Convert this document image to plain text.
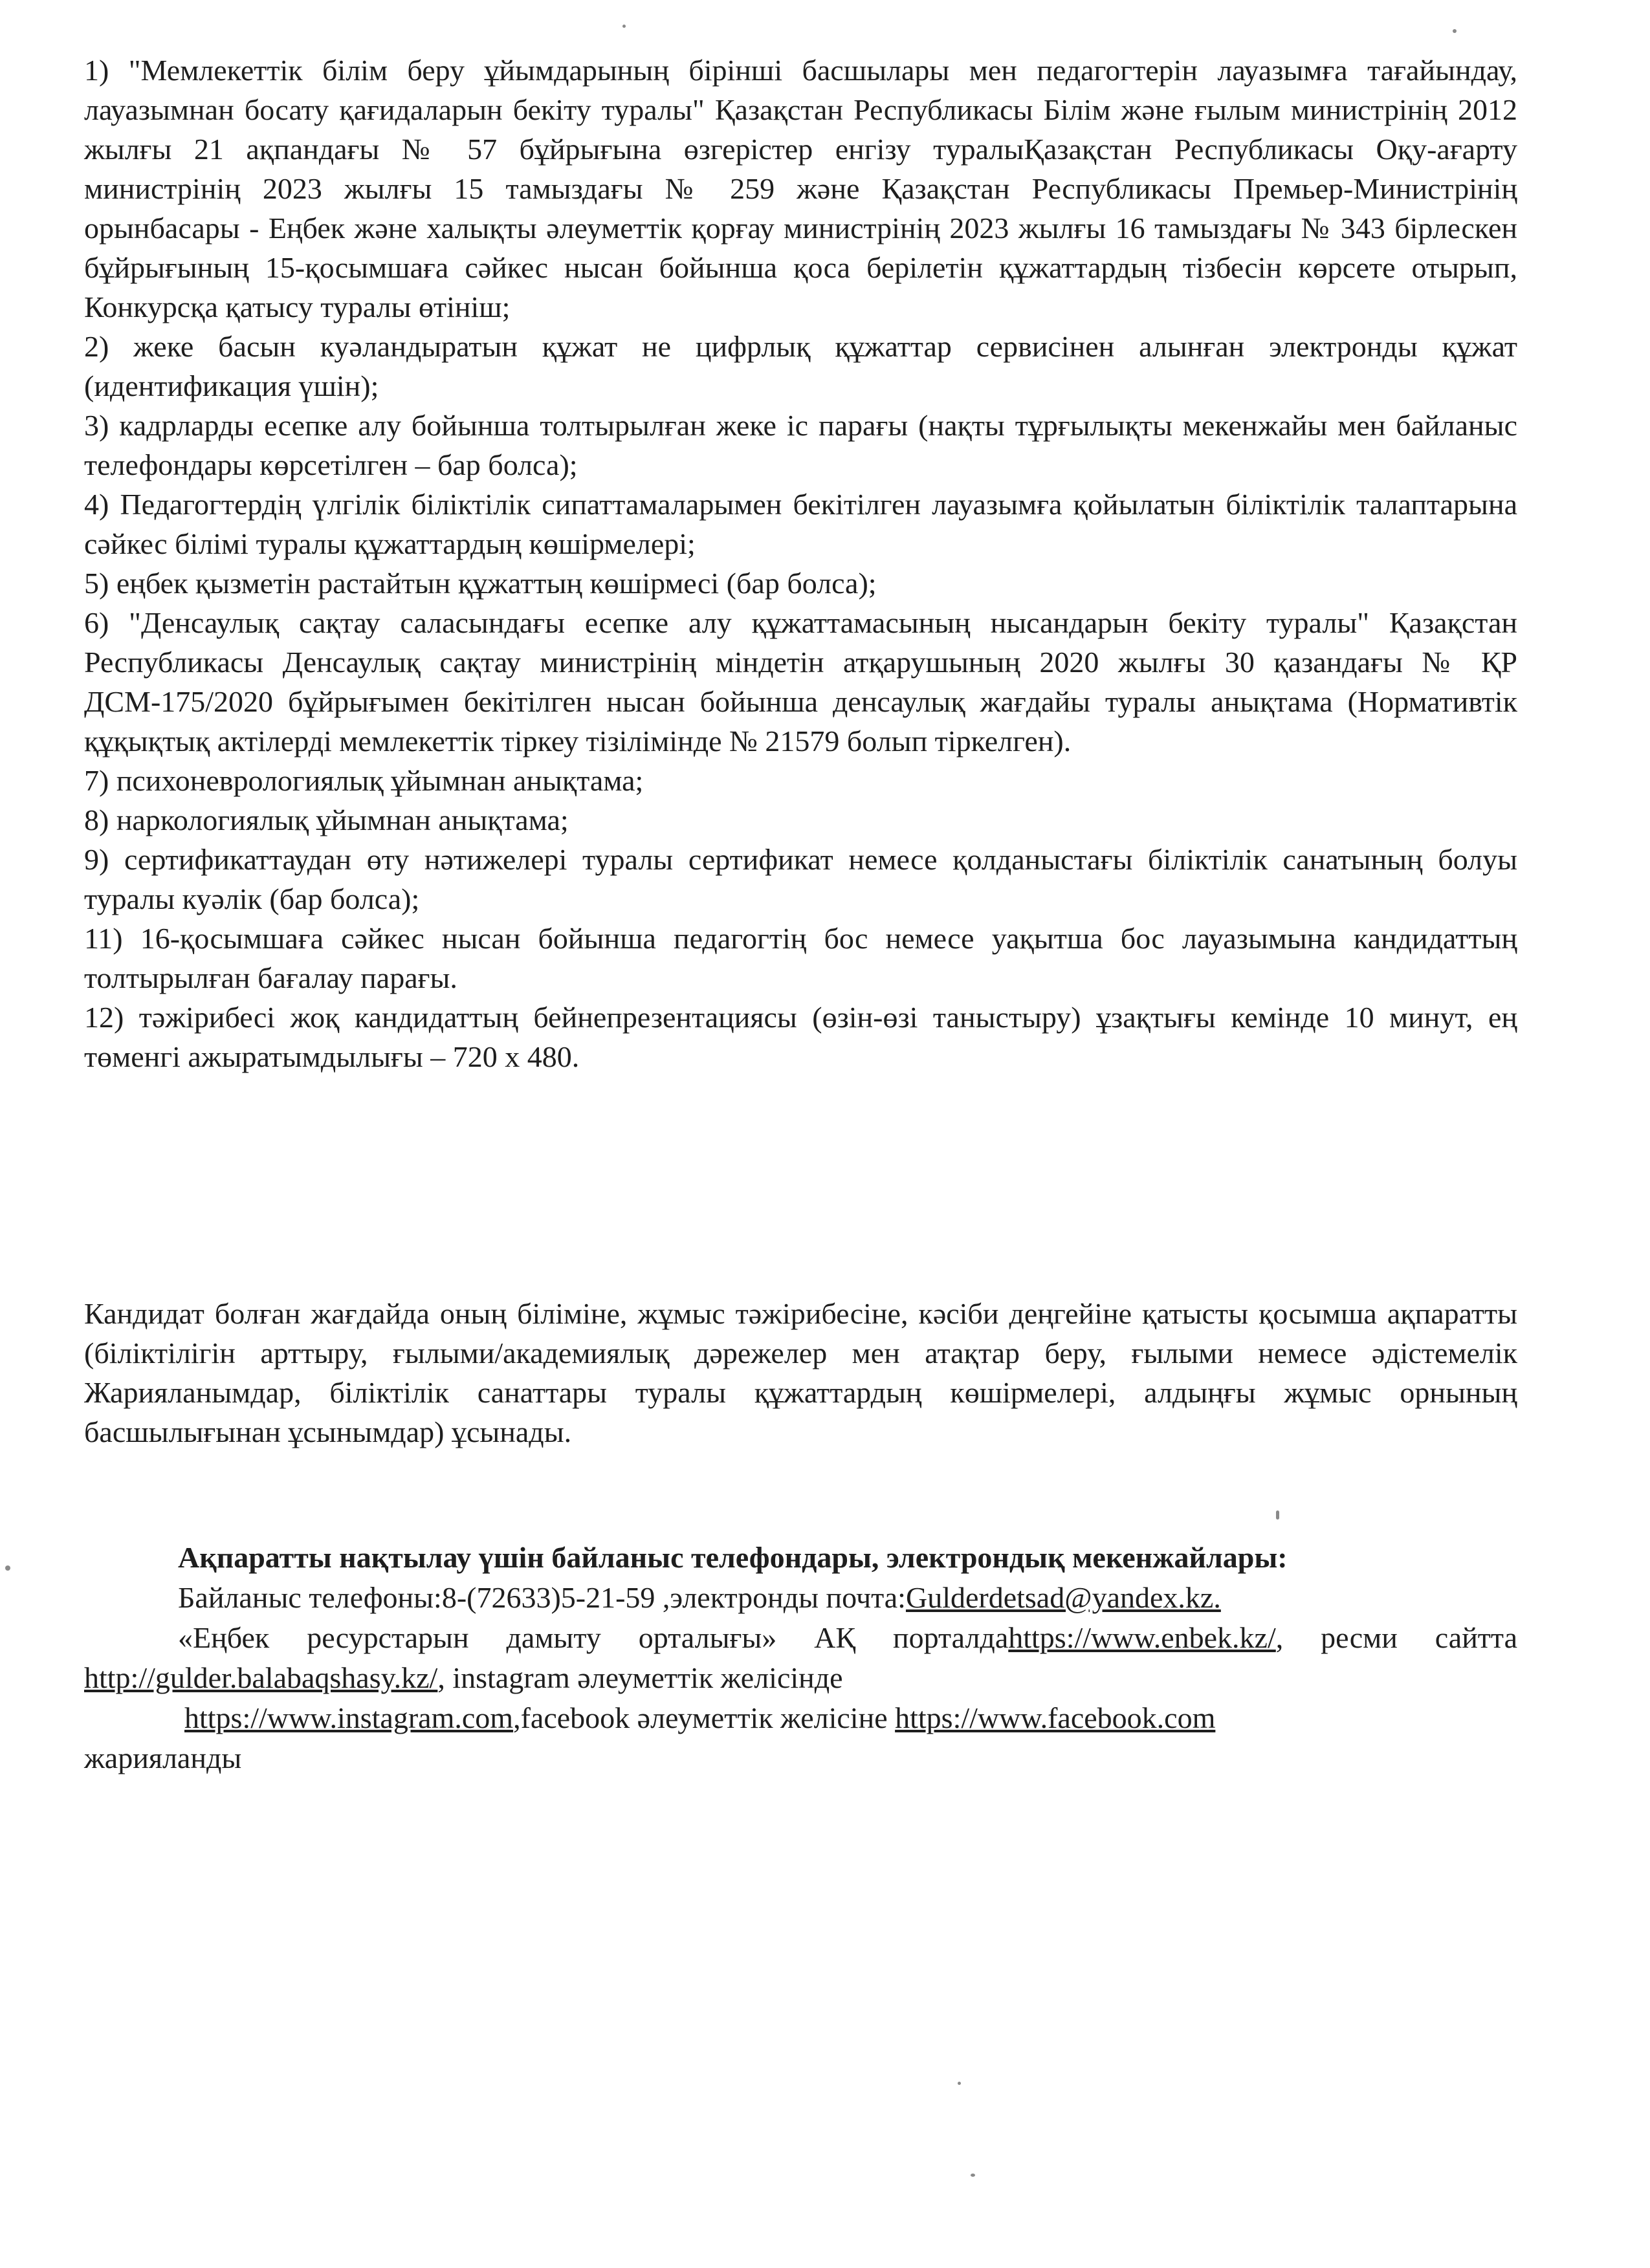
1) "Мемлекеттік білім беру ұйымдарының бірінші басшылары мен педагогтерін лауазымға тағайындау, лауазымнан босату қағидаларын бекіту туралы" Қазақстан Республикасы Білім және ғылым министрінің 2012 жылғы 21 ақпандағы № 57 бұйрығына өзгерістер енгізу туралыҚазақстан Республикасы Оқу-ағарту министрінің 2023 жылғы 15 тамыздағы № 259 және Қазақстан Республикасы Премьер-Министрінің орынбасары - Еңбек және халықты әлеуметтік қорғау министрінің 2023 жылғы 16 тамыздағы № 343 бірлескен бұйрығының 15-қосымшаға сәйкес нысан бойынша қоса берілетін құжаттардың тізбесін көрсете отырып, Конкурсқа қатысу туралы өтініш;

2) жеке басын куәландыратын құжат не цифрлық құжаттар сервисінен алынған электронды құжат (идентификация үшін);

3) кадрларды есепке алу бойынша толтырылған жеке іс парағы (нақты тұрғылықты мекенжайы мен байланыс телефондары көрсетілген – бар болса);

4) Педагогтердің үлгілік біліктілік сипаттамаларымен бекітілген лауазымға қойылатын біліктілік талаптарына сәйкес білімі туралы құжаттардың көшірмелері;

5) еңбек қызметін растайтын құжаттың көшірмесі (бар болса);

6) "Денсаулық сақтау саласындағы есепке алу құжаттамасының нысандарын бекіту туралы" Қазақстан Республикасы Денсаулық сақтау министрінің міндетін атқарушының 2020 жылғы 30 қазандағы № ҚР ДСМ-175/2020 бұйрығымен бекітілген нысан бойынша денсаулық жағдайы туралы анықтама (Нормативтік құқықтық актілерді мемлекеттік тіркеу тізілімінде № 21579 болып тіркелген).

7) психоневрологиялық ұйымнан анықтама;

8) наркологиялық ұйымнан анықтама;

9) сертификаттаудан өту нәтижелері туралы сертификат немесе қолданыстағы біліктілік санатының болуы туралы куәлік (бар болса);

11) 16-қосымшаға сәйкес нысан бойынша педагогтің бос немесе уақытша бос лауазымына кандидаттың толтырылған бағалау парағы.

12) тәжірибесі жоқ кандидаттың бейнепрезентациясы (өзін-өзі таныстыру) ұзақтығы кемінде 10 минут, ең төменгі ажыратымдылығы – 720 х 480.

Кандидат болған жағдайда оның біліміне, жұмыс тәжірибесіне, кәсіби деңгейіне қатысты қосымша ақпаратты (біліктілігін арттыру, ғылыми/академиялық дәрежелер мен атақтар беру, ғылыми немесе әдістемелік Жарияланымдар, біліктілік санаттары туралы құжаттардың көшірмелері, алдыңғы жұмыс орнының басшылығынан ұсынымдар) ұсынады.

Ақпаратты нақтылау үшін байланыс телефондары, электрондық мекенжайлары:

Байланыс телефоны:8-(72633)5-21-59 ,электронды почта:Gulderdetsad@yandex.kz.

«Еңбек ресурстарын дамыту орталығы» АҚ порталдаhttps://www.enbek.kz/, ресми сайтта http://gulder.balabaqshasy.kz/, instagram әлеуметтік желісінде

https://www.instagram.com,facebook әлеуметтік желісіне https://www.facebook.com

жарияланды
